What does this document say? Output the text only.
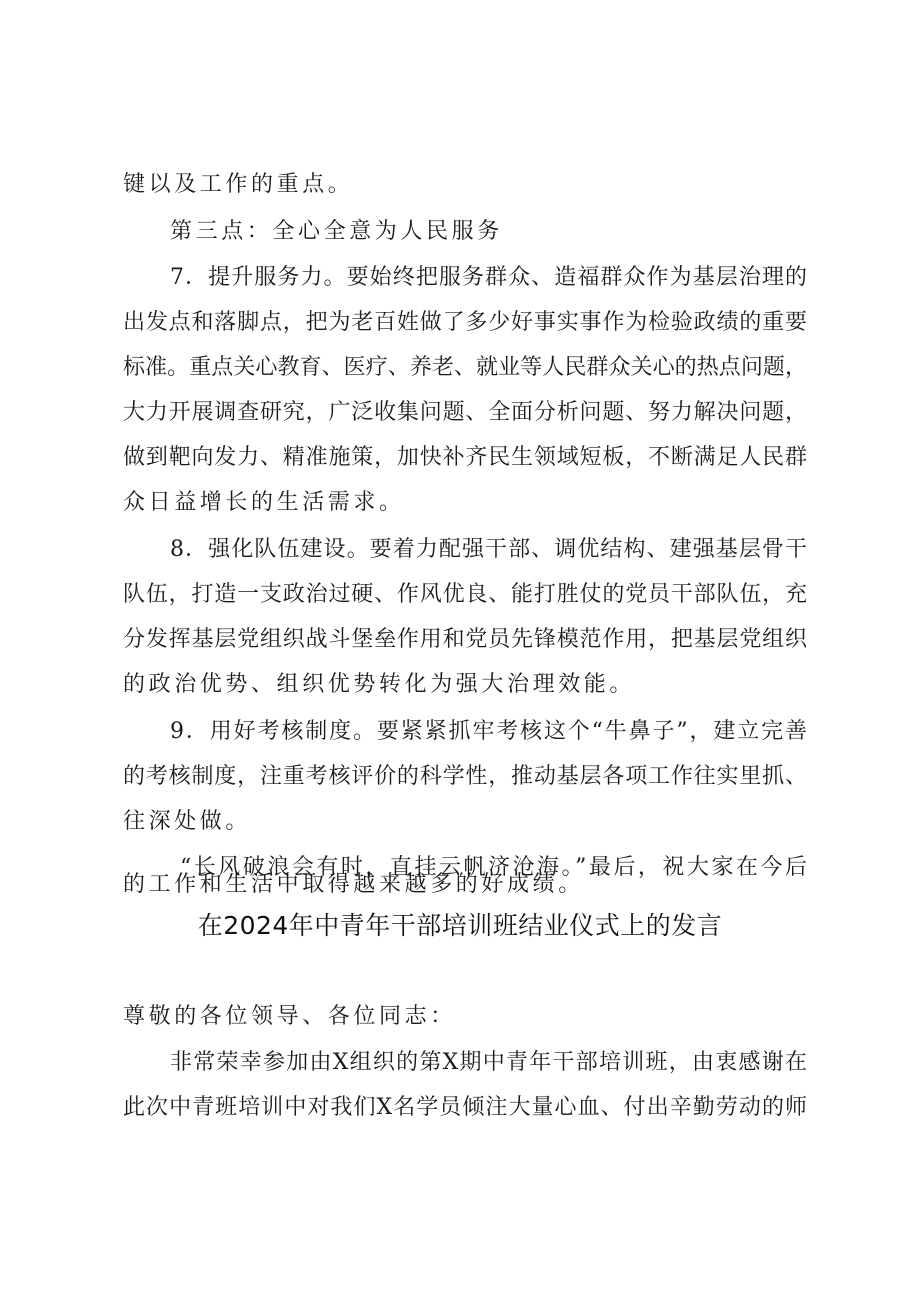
键以及工作的重点。
第三点：全心全意为人民服务
7．提升服务力。要始终把服务群众、造福群众作为基层治理的
出发点和落脚点，把为老百姓做了多少好事实事作为检验政绩的重要
标准。重点关心教育、医疗、养老、就业等人民群众关心的热点问题，
大力开展调查研究，广泛收集问题、全面分析问题、努力解决问题，
做到靶向发力、精准施策，加快补齐民生领域短板，不断满足人民群
众日益增长的生活需求。
8．强化队伍建设。要着力配强干部、调优结构、建强基层骨干
队伍，打造一支政治过硬、作风优良、能打胜仗的党员干部队伍，充
分发挥基层党组织战斗堡垒作用和党员先锋模范作用，把基层党组织
的政治优势、组织优势转化为强大治理效能。
9．用好考核制度。要紧紧抓牢考核这个“牛鼻子”，建立完善
的考核制度，注重考核评价的科学性，推动基层各项工作往实里抓、
往深处做。
“长风破浪会有时，直挂云帆济沧海。”最后，祝大家在今后
的工作和生活中取得越来越多的好成绩。
在2024年中青年干部培训班结业仪式上的发言
尊敬的各位领导、各位同志：
非常荣幸参加由X组织的第X期中青年干部培训班，由衷感谢在
此次中青班培训中对我们X名学员倾注大量心血、付出辛勤劳动的师
